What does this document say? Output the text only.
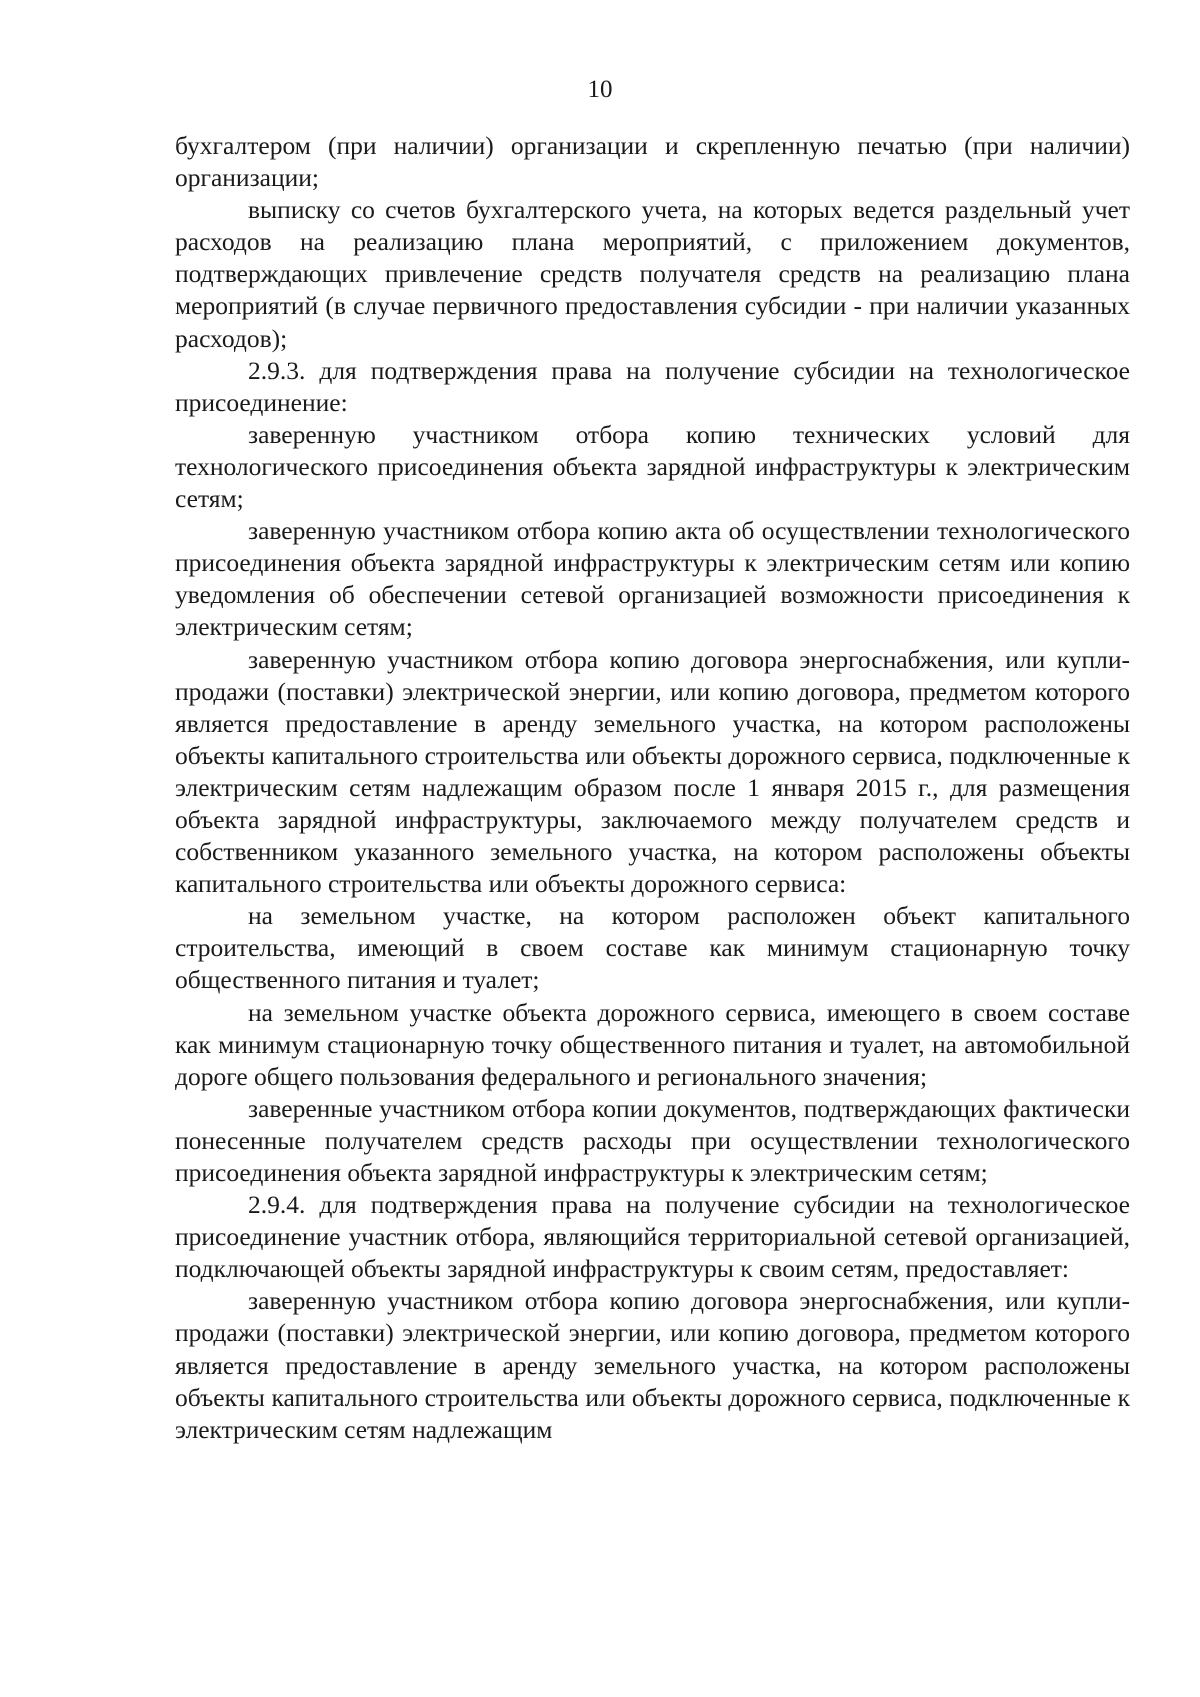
10

бухгалтером (при наличии) организации и скрепленную печатью (при наличии) организации;

выписку со счетов бухгалтерского учета, на которых ведется раздельный учет расходов на реализацию плана мероприятий, с приложением документов, подтверждающих привлечение средств получателя средств на реализацию плана мероприятий (в случае первичного предоставления субсидии - при наличии указанных расходов);

2.9.3. для подтверждения права на получение субсидии на технологическое присоединение:

заверенную участником отбора копию технических условий для технологического присоединения объекта зарядной инфраструктуры к электрическим сетям;

заверенную участником отбора копию акта об осуществлении технологического присоединения объекта зарядной инфраструктуры к электрическим сетям или копию уведомления об обеспечении сетевой организацией возможности присоединения к электрическим сетям;

заверенную участником отбора копию договора энергоснабжения, или купли-продажи (поставки) электрической энергии, или копию договора, предметом которого является предоставление в аренду земельного участка, на котором расположены объекты капитального строительства или объекты дорожного сервиса, подключенные к электрическим сетям надлежащим образом после 1 января 2015 г., для размещения объекта зарядной инфраструктуры, заключаемого между получателем средств и собственником указанного земельного участка, на котором расположены объекты капитального строительства или объекты дорожного сервиса:

на земельном участке, на котором расположен объект капитального строительства, имеющий в своем составе как минимум стационарную точку общественного питания и туалет;

на земельном участке объекта дорожного сервиса, имеющего в своем составе как минимум стационарную точку общественного питания и туалет, на автомобильной дороге общего пользования федерального и регионального значения;

заверенные участником отбора копии документов, подтверждающих фактически понесенные получателем средств расходы при осуществлении технологического присоединения объекта зарядной инфраструктуры к электрическим сетям;

2.9.4. для подтверждения права на получение субсидии на технологическое присоединение участник отбора, являющийся территориальной сетевой организацией, подключающей объекты зарядной инфраструктуры к своим сетям, предоставляет:

заверенную участником отбора копию договора энергоснабжения, или купли-продажи (поставки) электрической энергии, или копию договора, предметом которого является предоставление в аренду земельного участка, на котором расположены объекты капитального строительства или объекты дорожного сервиса, подключенные к электрическим сетям надлежащим
